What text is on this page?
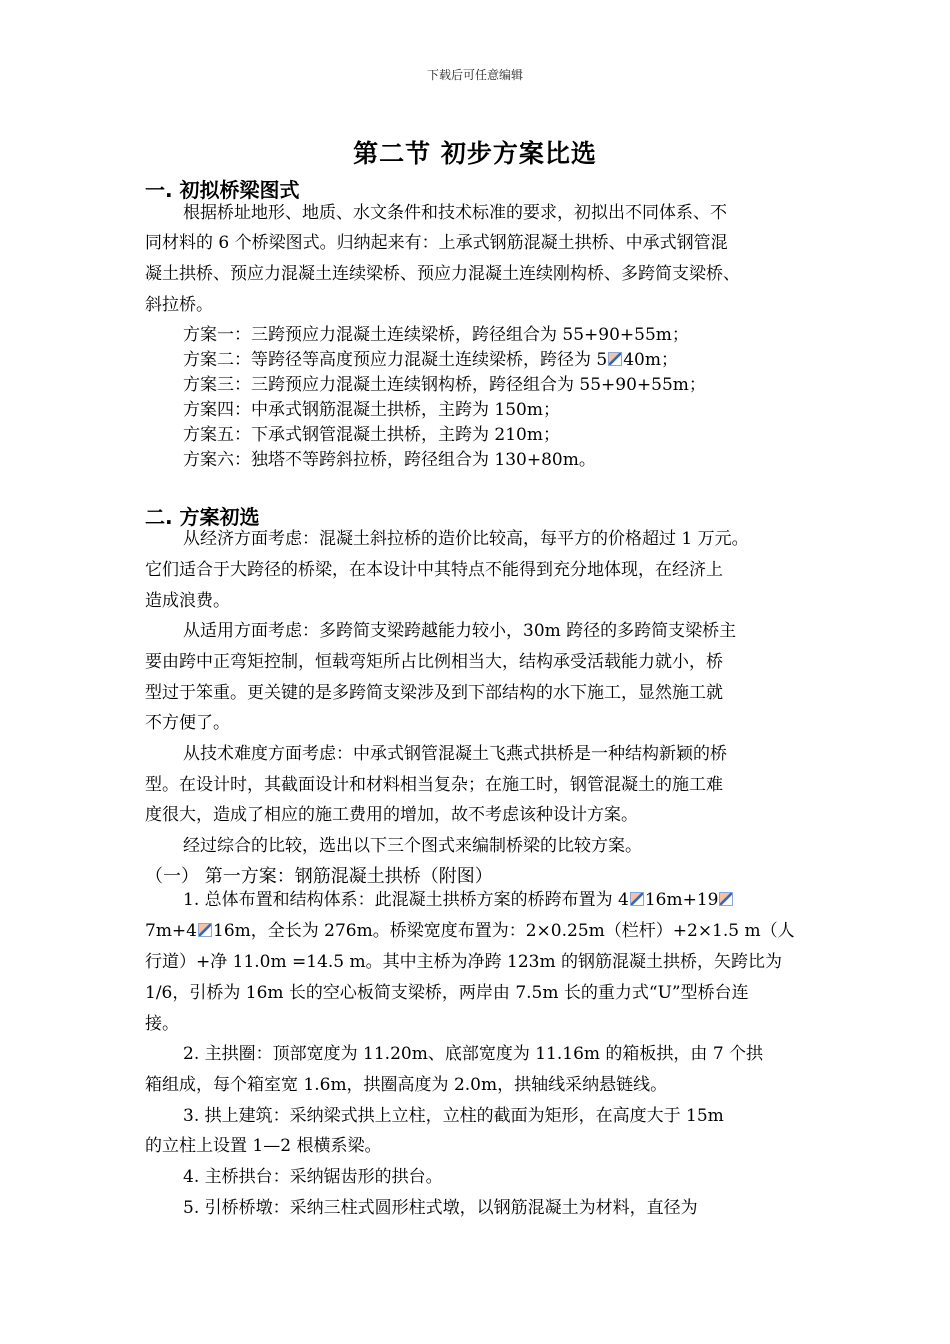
下载后可任意编辑
第二节 初步方案比选
一. 初拟桥梁图式
根据桥址地形、地质、水文条件和技术标准的要求，初拟出不同体系、不
同材料的 6 个桥梁图式。归纳起来有：上承式钢筋混凝土拱桥、中承式钢管混
凝土拱桥、预应力混凝土连续梁桥、预应力混凝土连续刚构桥、多跨简支梁桥、
斜拉桥。
方案一：三跨预应力混凝土连续梁桥，跨径组合为 55+90+55m；
方案二：等跨径等高度预应力混凝土连续梁桥，跨径为 5 40m；
方案三：三跨预应力混凝土连续钢构桥，跨径组合为 55+90+55m；
方案四：中承式钢筋混凝土拱桥，主跨为 150m；
方案五：下承式钢管混凝土拱桥，主跨为 210m；
方案六：独塔不等跨斜拉桥，跨径组合为 130+80m。
二. 方案初选
从经济方面考虑：混凝土斜拉桥的造价比较高，每平方的价格超过 1 万元。
它们适合于大跨径的桥梁，在本设计中其特点不能得到充分地体现，在经济上
造成浪费。
从适用方面考虑：多跨简支梁跨越能力较小，30m 跨径的多跨简支梁桥主
要由跨中正弯矩控制，恒载弯矩所占比例相当大，结构承受活载能力就小，桥
型过于笨重。更关键的是多跨简支梁涉及到下部结构的水下施工，显然施工就
不方便了。
从技术难度方面考虑：中承式钢管混凝土飞燕式拱桥是一种结构新颖的桥
型。在设计时，其截面设计和材料相当复杂；在施工时，钢管混凝土的施工难
度很大，造成了相应的施工费用的增加，故不考虑该种设计方案。
经过综合的比较，选出以下三个图式来编制桥梁的比较方案。
（一） 第一方案：钢筋混凝土拱桥（附图）
1. 总体布置和结构体系：此混凝土拱桥方案的桥跨布置为 4 16m+19
7m+4 16m，全长为 276m。桥梁宽度布置为：2×0.25m（栏杆）+2×1.5 m（人
行道）+净 11.0m =14.5 m。其中主桥为净跨 123m 的钢筋混凝土拱桥，矢跨比为
1/6，引桥为 16m 长的空心板简支梁桥，两岸由 7.5m 长的重力式“U”型桥台连
接。
2. 主拱圈：顶部宽度为 11.20m、底部宽度为 11.16m 的箱板拱，由 7 个拱
箱组成，每个箱室宽 1.6m，拱圈高度为 2.0m，拱轴线采纳悬链线。
3. 拱上建筑：采纳梁式拱上立柱，立柱的截面为矩形，在高度大于 15m
的立柱上设置 1—2 根横系梁。
4. 主桥拱台：采纳锯齿形的拱台。
5. 引桥桥墩：采纳三柱式圆形柱式墩，以钢筋混凝土为材料，直径为
